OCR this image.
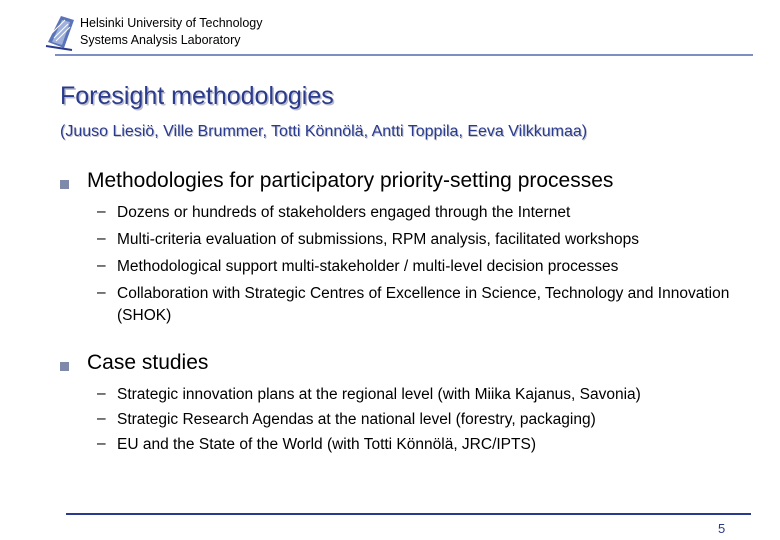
Helsinki University of Technology
Systems Analysis Laboratory
Foresight methodologies
(Juuso Liesiö, Ville Brummer, Totti Könnölä, Antti Toppila, Eeva Vilkkumaa)
Methodologies for participatory priority-setting processes
– Dozens or hundreds of stakeholders engaged through the Internet
– Multi-criteria evaluation of submissions, RPM analysis, facilitated workshops
– Methodological support multi-stakeholder / multi-level decision processes
– Collaboration with Strategic Centres of Excellence in Science, Technology and Innovation (SHOK)
Case studies
– Strategic innovation plans at the regional level (with Miika Kajanus, Savonia)
– Strategic Research Agendas at the national level (forestry, packaging)
– EU and the State of the World (with Totti Könnölä, JRC/IPTS)
5
